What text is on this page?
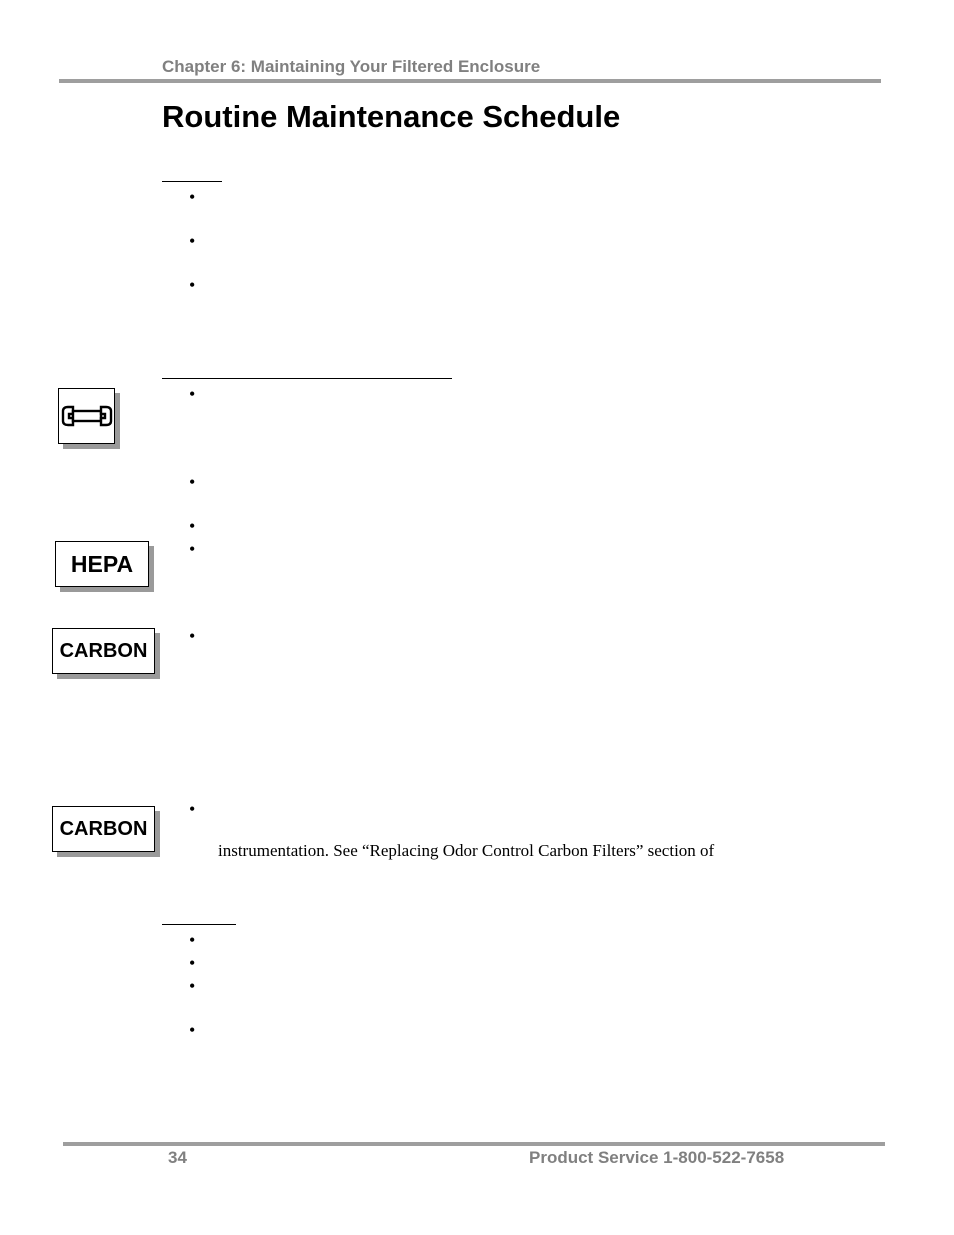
Chapter 6: Maintaining Your Filtered Enclosure
Routine Maintenance Schedule
•
•
•
•
•
•
•
HEPA
•
CARBON
•
CARBON
instrumentation. See “Replacing Odor Control Carbon Filters” section of
•
•
•
•
34	Product Service 1-800-522-7658
